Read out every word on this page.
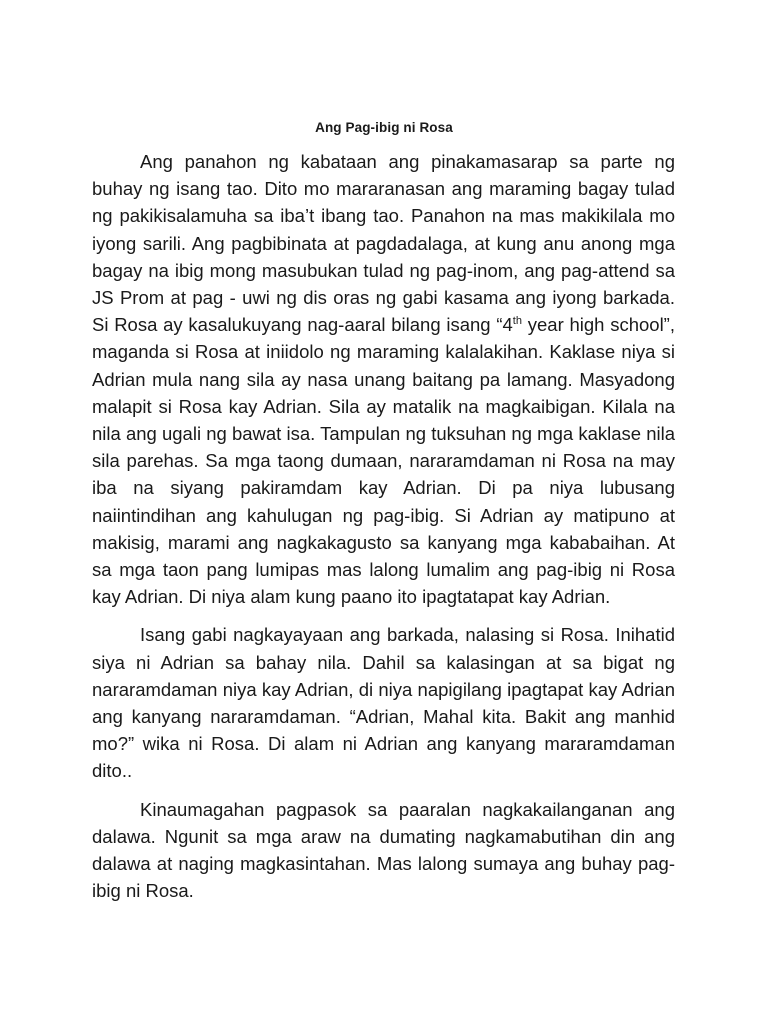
Ang Pag-ibig ni Rosa

Ang panahon ng kabataan ang pinakamasarap sa parte ng buhay ng isang tao. Dito mo mararanasan ang maraming bagay tulad ng pakikisalamuha sa iba’t ibang tao. Panahon na mas makikilala mo iyong sarili. Ang pagbibinata at pagdadalaga, at kung anu anong mga bagay na ibig mong masubukan tulad ng pag-inom, ang pag-attend sa JS Prom at pag - uwi ng dis oras ng gabi kasama ang iyong barkada. Si Rosa ay kasalukuyang nag-aaral bilang isang “4th year high school”, maganda si Rosa at iniidolo ng maraming kalalakihan. Kaklase niya si Adrian mula nang sila ay nasa unang baitang pa lamang. Masyadong malapit si Rosa kay Adrian. Sila ay matalik na magkaibigan. Kilala na nila ang ugali ng bawat isa. Tampulan ng tuksuhan ng mga kaklase nila sila parehas. Sa mga taong dumaan, nararamdaman ni Rosa na may iba na siyang pakiramdam kay Adrian. Di pa niya lubusang naiintindihan ang kahulugan ng pag-ibig. Si Adrian ay matipuno at makisig, marami ang nagkakagusto sa kanyang mga kababaihan. At sa mga taon pang lumipas mas lalong lumalim ang pag-ibig ni Rosa kay Adrian. Di niya alam kung paano ito ipagtatapat kay Adrian.

Isang gabi nagkayayaan ang barkada, nalasing si Rosa. Inihatid siya ni Adrian sa bahay nila. Dahil sa kalasingan at sa bigat ng nararamdaman niya kay Adrian, di niya napigilang ipagtapat kay Adrian ang kanyang nararamdaman. “Adrian, Mahal kita. Bakit ang manhid mo?” wika ni Rosa. Di alam ni Adrian ang kanyang mararamdaman dito..

Kinaumagahan pagpasok sa paaralan nagkakailanganan ang dalawa. Ngunit sa mga araw na dumating nagkamabutihan din ang dalawa at naging magkasintahan. Mas lalong sumaya ang buhay pag-ibig ni Rosa.
